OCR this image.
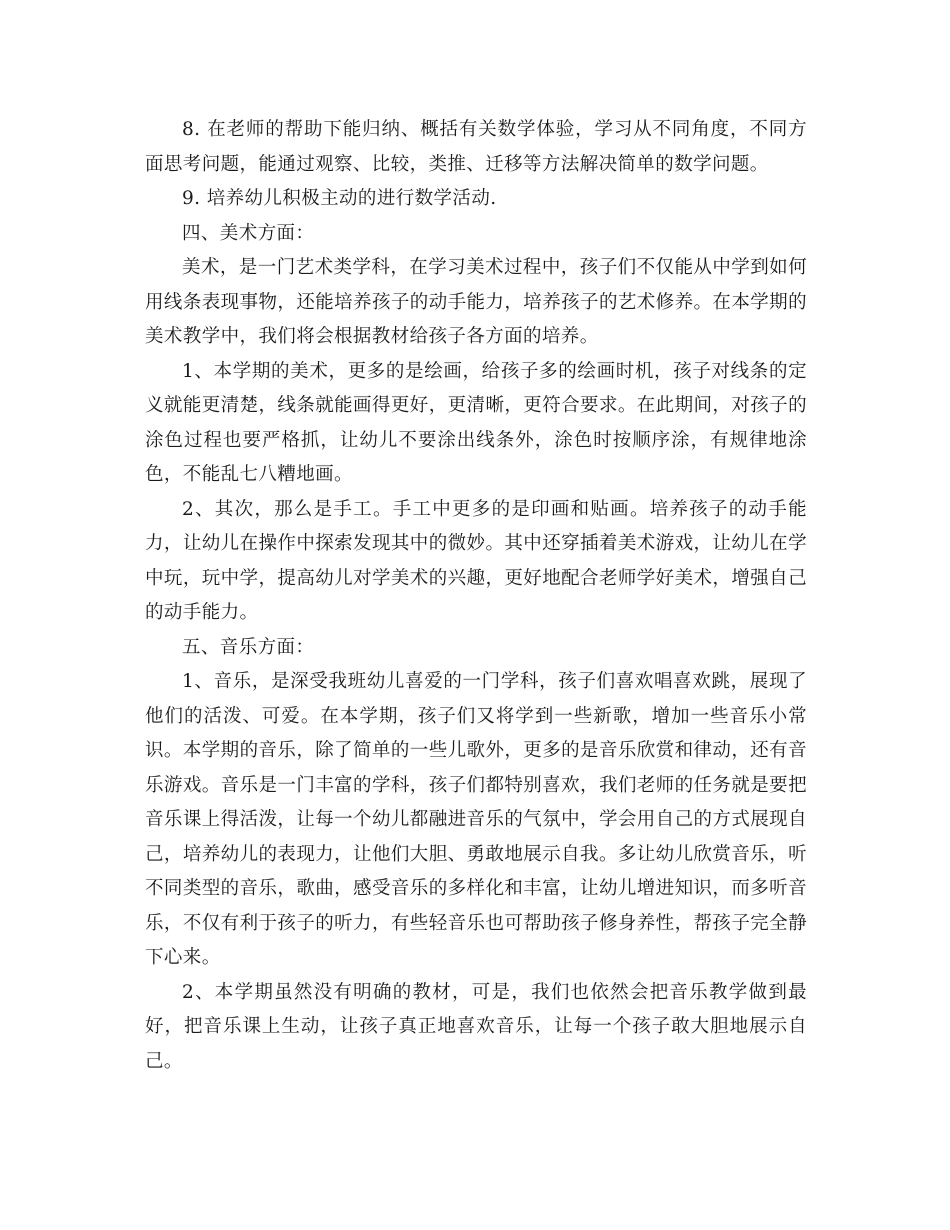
8. 在老师的帮助下能归纳、概括有关数学体验，学习从不同角度，不同方面思考问题，能通过观察、比较，类推、迁移等方法解决简单的数学问题。

9. 培养幼儿积极主动的进行数学活动.

四、美术方面：

美术，是一门艺术类学科，在学习美术过程中，孩子们不仅能从中学到如何用线条表现事物，还能培养孩子的动手能力，培养孩子的艺术修养。在本学期的美术教学中，我们将会根据教材给孩子各方面的培养。

1、本学期的美术，更多的是绘画，给孩子多的绘画时机，孩子对线条的定义就能更清楚，线条就能画得更好，更清晰，更符合要求。在此期间，对孩子的涂色过程也要严格抓，让幼儿不要涂出线条外，涂色时按顺序涂，有规律地涂色，不能乱七八糟地画。

2、其次，那么是手工。手工中更多的是印画和贴画。培养孩子的动手能力，让幼儿在操作中探索发现其中的微妙。其中还穿插着美术游戏，让幼儿在学中玩，玩中学，提高幼儿对学美术的兴趣，更好地配合老师学好美术，增强自己的动手能力。

五、音乐方面：

1、音乐，是深受我班幼儿喜爱的一门学科，孩子们喜欢唱喜欢跳，展现了他们的活泼、可爱。在本学期，孩子们又将学到一些新歌，增加一些音乐小常识。本学期的音乐，除了简单的一些儿歌外，更多的是音乐欣赏和律动，还有音乐游戏。音乐是一门丰富的学科，孩子们都特别喜欢，我们老师的任务就是要把音乐课上得活泼，让每一个幼儿都融进音乐的气氛中，学会用自己的方式展现自己，培养幼儿的表现力，让他们大胆、勇敢地展示自我。多让幼儿欣赏音乐，听不同类型的音乐，歌曲，感受音乐的多样化和丰富，让幼儿增进知识，而多听音乐，不仅有利于孩子的听力，有些轻音乐也可帮助孩子修身养性，帮孩子完全静下心来。

2、本学期虽然没有明确的教材，可是，我们也依然会把音乐教学做到最好，把音乐课上生动，让孩子真正地喜欢音乐，让每一个孩子敢大胆地展示自己。
